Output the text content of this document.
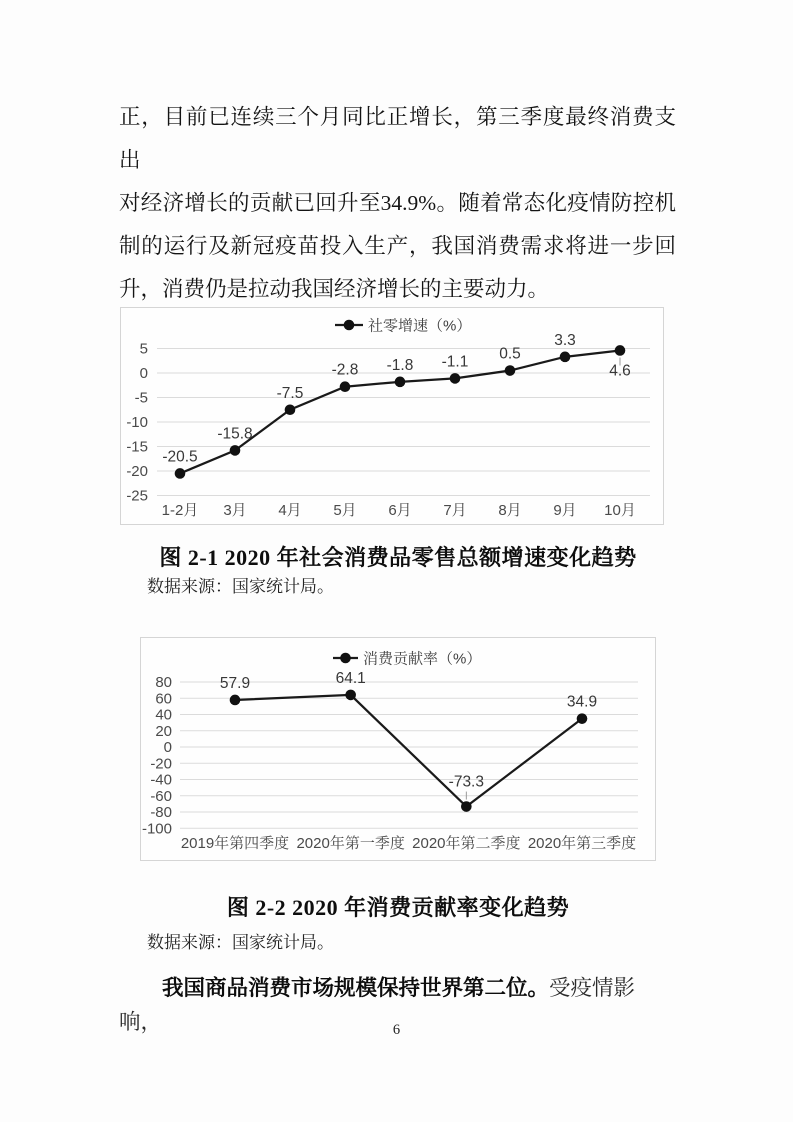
正，目前已连续三个月同比正增长，第三季度最终消费支出
对经济增长的贡献已回升至34.9%。随着常态化疫情防控机
制的运行及新冠疫苗投入生产，我国消费需求将进一步回
升，消费仍是拉动我国经济增长的主要动力。
5
0
-5
-10
-15
-20
-25
1-2月 3月 4月 5月 6月 7月 8月 9月 10月
-20.5
-15.8
-7.5
-2.8 -1.8 -1.1 0.5
3.3
4.6
社零增速（%）
图 2-1 2020 年社会消费品零售总额增速变化趋势
数据来源：国家统计局。
80
60
40
20
0
-20
-40
-60
-80
-100
2019年第四季度 2020年第一季度 2020年第二季度 2020年第三季度
57.9	64.1
-73.3
34.9
消费贡献率（%）
图 2-2 2020 年消费贡献率变化趋势
数据来源：国家统计局。
我国商品消费市场规模保持世界第二位。受疫情影响，	6
